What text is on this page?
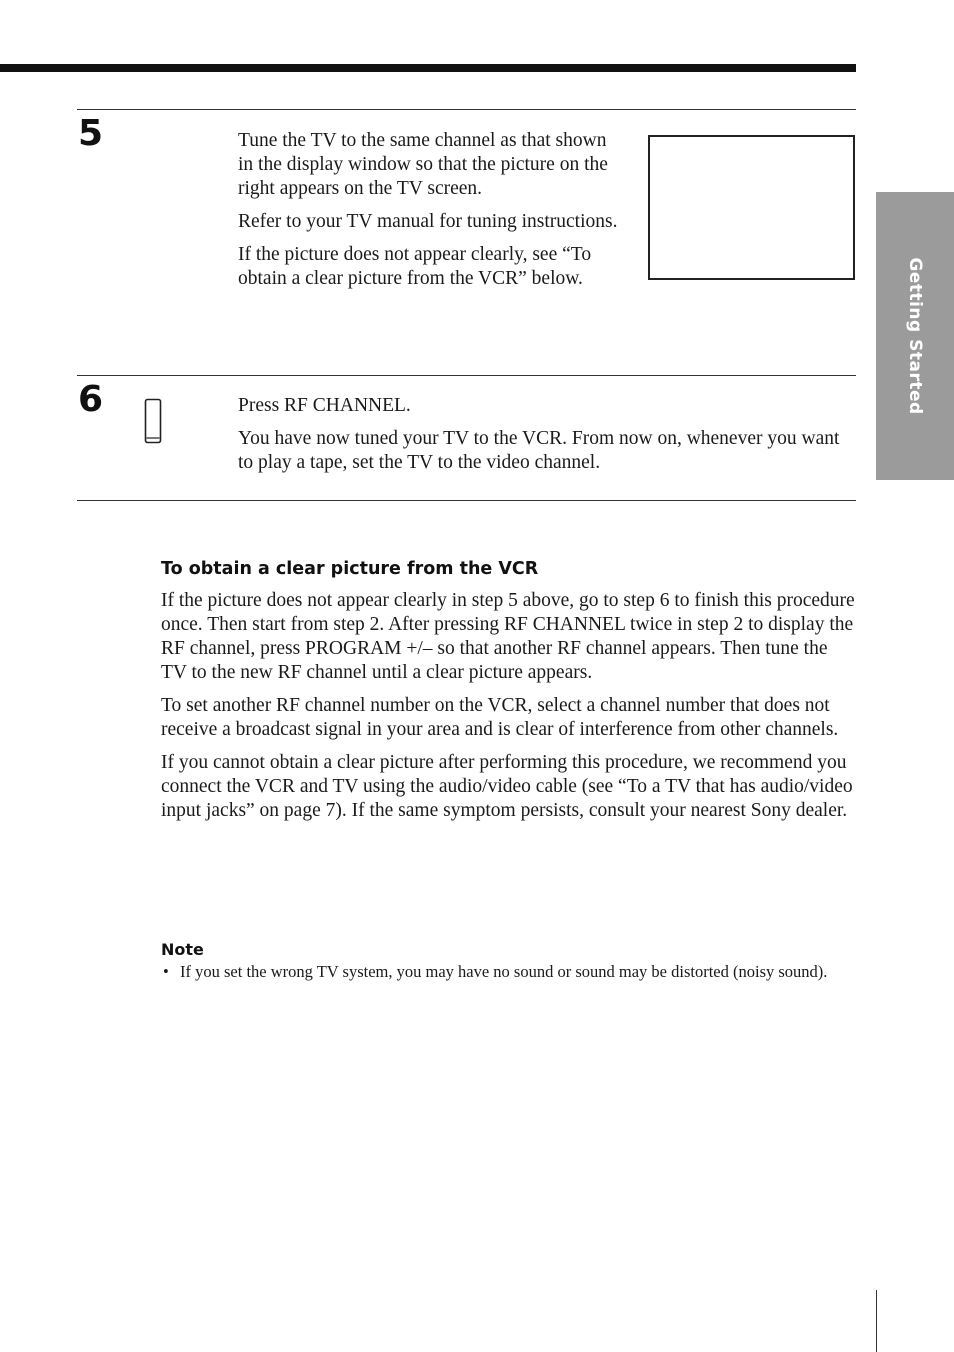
Getting Started
5	Tune the TV to the same channel as that shown in the display window so that the picture on the right appears on the TV screen.

Refer to your TV manual for tuning instructions.

If the picture does not appear clearly, see “To obtain a clear picture from the VCR” below.

6	Press RF CHANNEL.

You have now tuned your TV to the VCR. From now on, whenever you want to play a tape, set the TV to the video channel.

To obtain a clear picture from the VCR

If the picture does not appear clearly in step 5 above, go to step 6 to finish this procedure once. Then start from step 2. After pressing RF CHANNEL twice in step 2 to display the RF channel, press PROGRAM +/– so that another RF channel appears. Then tune the TV to the new RF channel until a clear picture appears.

To set another RF channel number on the VCR, select a channel number that does not receive a broadcast signal in your area and is clear of interference from other channels.

If you cannot obtain a clear picture after performing this procedure, we recommend you connect the VCR and TV using the audio/video cable (see “To a TV that has audio/video input jacks” on page 7). If the same symptom persists, consult your nearest Sony dealer.

Note
• If you set the wrong TV system, you may have no sound or sound may be distorted (noisy sound).
